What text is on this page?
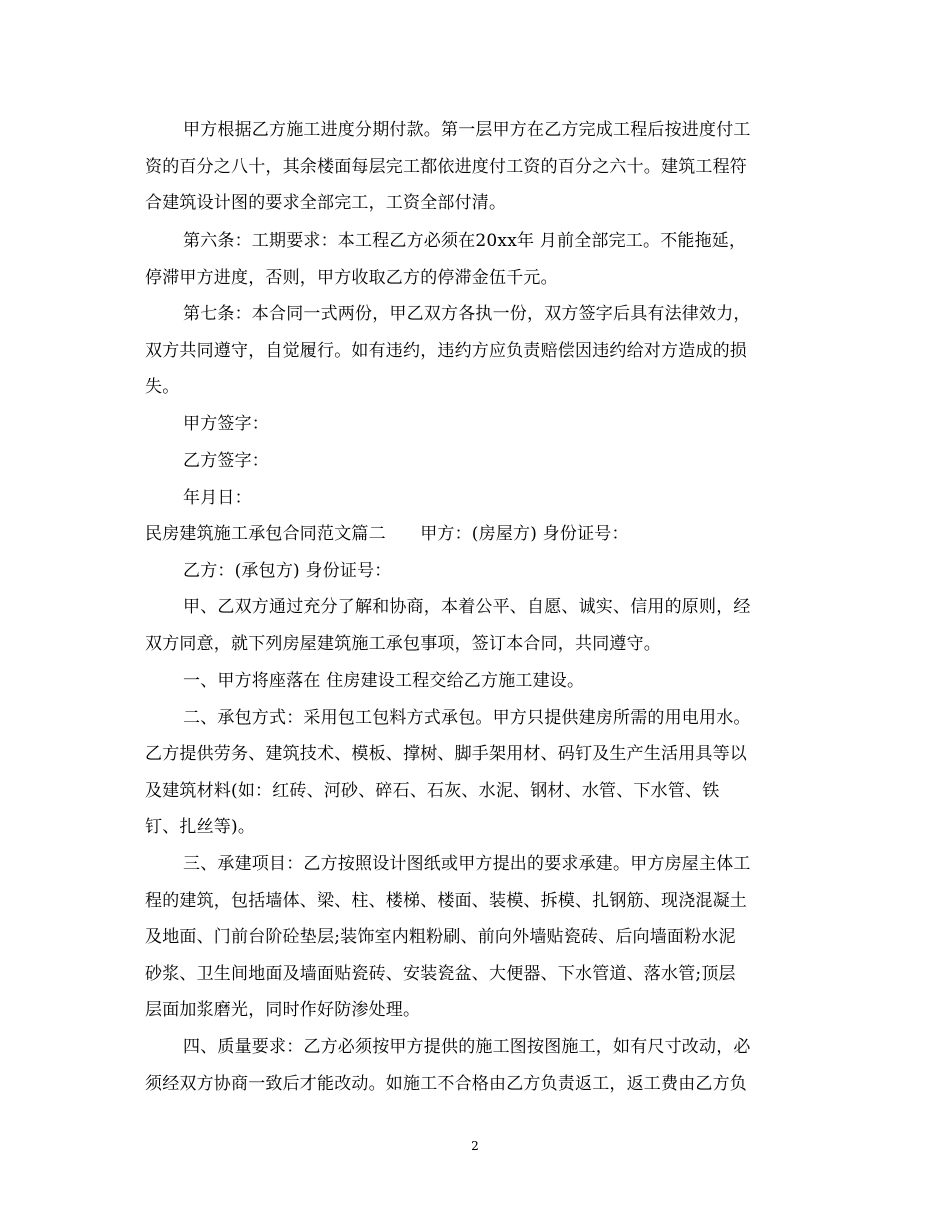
甲方根据乙方施工进度分期付款。第一层甲方在乙方完成工程后按进度付工
资的百分之八十，其余楼面每层完工都依进度付工资的百分之六十。建筑工程符
合建筑设计图的要求全部完工，工资全部付清。
第六条：工期要求：本工程乙方必须在20xx年 月前全部完工。不能拖延，
停滞甲方进度，否则，甲方收取乙方的停滞金伍千元。
第七条：本合同一式两份，甲乙双方各执一份，双方签字后具有法律效力，
双方共同遵守，自觉履行。如有违约，违约方应负责赔偿因违约给对方造成的损
失。
甲方签字：
乙方签字：
年月日：
民房建筑施工承包合同范文篇二　　甲方：(房屋方) 身份证号：
乙方：(承包方) 身份证号：
甲、乙双方通过充分了解和协商，本着公平、自愿、诚实、信用的原则，经
双方同意，就下列房屋建筑施工承包事项，签订本合同，共同遵守。
一、甲方将座落在 住房建设工程交给乙方施工建设。
二、承包方式：采用包工包料方式承包。甲方只提供建房所需的用电用水。
乙方提供劳务、建筑技术、模板、撑树、脚手架用材、码钉及生产生活用具等以
及建筑材料(如：红砖、河砂、碎石、石灰、水泥、钢材、水管、下水管、铁
钉、扎丝等)。
三、承建项目：乙方按照设计图纸或甲方提出的要求承建。甲方房屋主体工
程的建筑，包括墙体、梁、柱、楼梯、楼面、装模、拆模、扎钢筋、现浇混凝土
及地面、门前台阶砼垫层;装饰室内粗粉刷、前向外墙贴瓷砖、后向墙面粉水泥
砂浆、卫生间地面及墙面贴瓷砖、安装瓷盆、大便器、下水管道、落水管;顶层
层面加浆磨光，同时作好防渗处理。
四、质量要求：乙方必须按甲方提供的施工图按图施工，如有尺寸改动，必
须经双方协商一致后才能改动。如施工不合格由乙方负责返工，返工费由乙方负
2
